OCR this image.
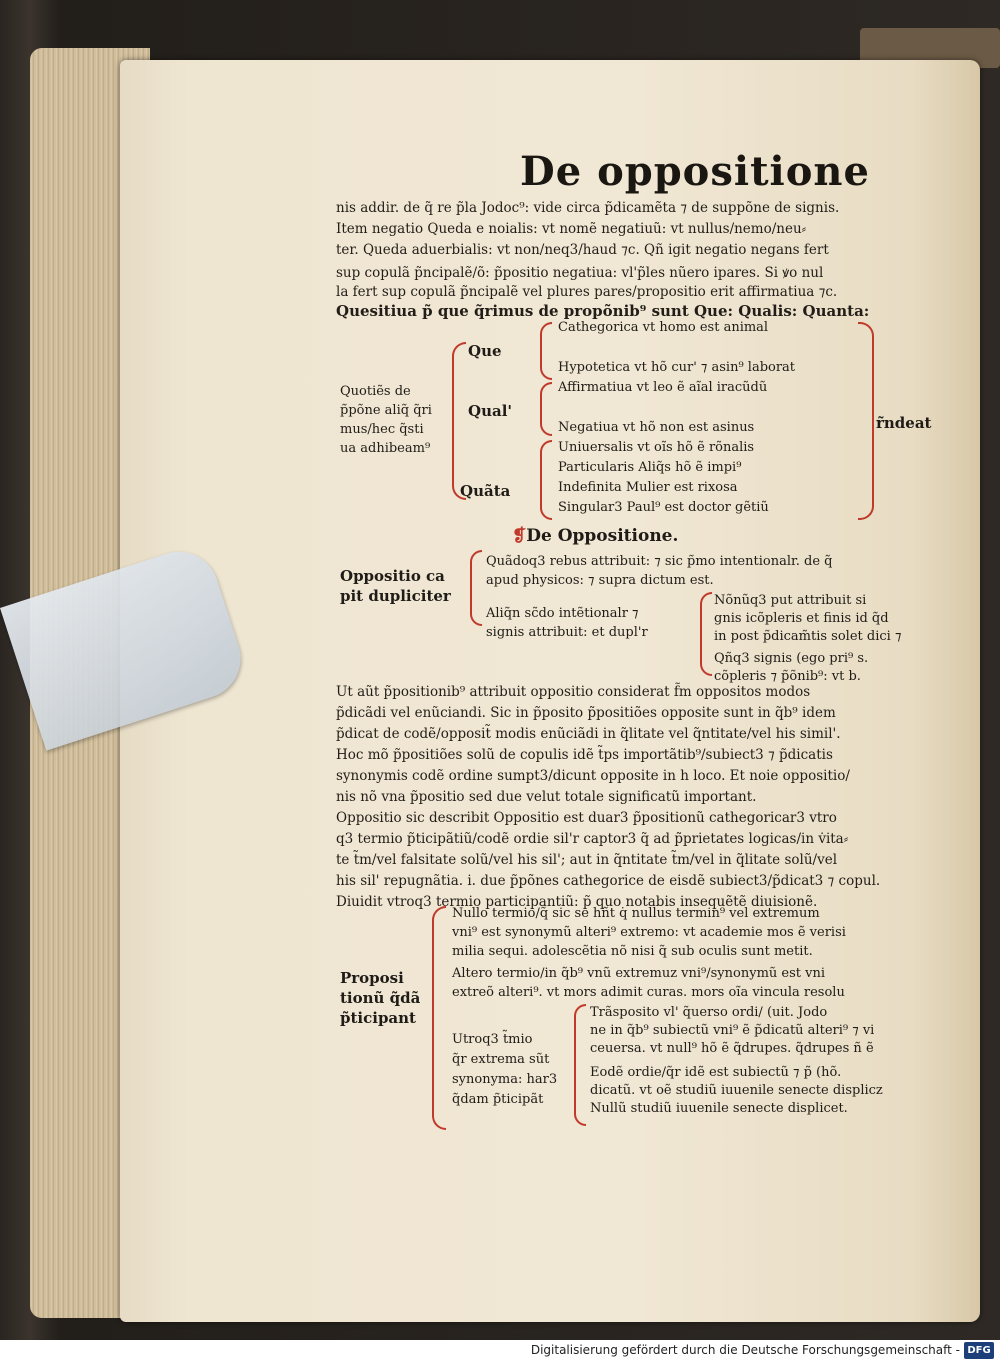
De oppositione
nis addir. de q̃ re p̃la Jodoc⁹: vide circa p̃dicamẽta ⁊ de suppõne de signis.
Item negatio Queda e noialis: vt nomẽ negatiuũ: vt nullus/nemo/neu⸗
ter. Queda aduerbialis: vt non/neq3/haud ⁊c. Qñ igit negatio negans fert
sup copulã p̃ncipalẽ/õ: p̃positio negatiua: vl'p̃les nũero ipares. Si ꝟo nul
la fert sup copulã p̃ncipalẽ vel plures pares/propositio erit affirmatiua ⁊c.
Quesitiua p̃ que q̃rimus de propõnib⁹ sunt Que: Qualis: Quanta:
Quotiẽs de
p̃põne aliq̃ q̃ri
mus/hec q̃sti
ua adhibeam⁹
Que
Qual'
Quãta
Cathegorica vt homo est animal
Hypotetica vt hõ cur' ⁊ asin⁹ laborat
Affirmatiua vt leo ẽ aĩal iracũdũ
Negatiua vt hõ non est asinus
Uniuersalis vt oĩs hõ ẽ rõnalis
Particularis Aliq̃s hõ ẽ impi⁹
Indefinita Mulier est rixosa
Singular3 Paul⁹ est doctor gẽtiũ
r̃ndeat
❡De Oppositione.
Oppositio ca
pit dupliciter
Quãdoq3 rebus attribuit: ⁊ sic p̃mo intentionalr. de q̃
apud physicos: ⁊ supra dictum est.
Aliq̃n sc̃do intẽtionalr ⁊
signis attribuit: et dupl'r
Nõnũq3 put attribuit si
gnis icõpleris et finis id q̃d
in post p̃dicam̃tis solet dici ⁊
Qñq3 signis (ego pri⁹ s.
cõpleris ⁊ p̃õnib⁹: vt b.
Ut aũt p̃positionib⁹ attribuit oppositio considerat f̃m oppositos modos
p̃dicãdi vel enũciandi. Sic in p̃posito p̃positiões opposite sunt in q̃b⁹ idem
p̃dicat de codẽ/opposit̃ modis enũciãdi in q̃litate vel q̃ntitate/vel his simil'.
Hoc mõ p̃positiões solũ de copulis idẽ t̃ps importãtib⁹/subiect3 ⁊ p̃dicatis
synonymis codẽ ordine sumpt3/dicunt opposite in h loco. Et noie oppositio/
nis nõ vna p̃positio sed due velut totale significatũ important.
Oppositio sic describit Oppositio est duar3 p̃positionũ cathegoricar3 vtro
q3 termio p̃ticipãtiũ/codẽ ordie sil'r captor3 q̃ ad p̃prietates logicas/in v̇ita⸗
te t̃m/vel falsitate solũ/vel his sil'; aut in q̃ntitate t̃m/vel in q̃litate solũ/vel
his sil' repugnãtia. i. due p̃põnes cathegorice de eisdẽ subiect3/p̃dicat3 ⁊ copul.
Diuidit vtroq3 termio participantiũ: p̃ quo notabis insequẽtẽ diuisionẽ.
Proposi
tionũ q̃dã
p̃ticipant
Nullo termio/q̃ sic se hñt q̇ nullus termin⁹ vel extremum
vni⁹ est synonymũ alteri⁹ extremo: vt academie mos ẽ verisi
milia sequi. adolescẽtia nõ nisi q̃ sub oculis sunt metit.
Altero termio/in q̃b⁹ vnũ extremuz vni⁹/synonymũ est vni
extreõ alteri⁹. vt mors adimit curas. mors oĩa vincula resolu
Utroq3 t̃mio
q̃r extrema sũt
synonyma: har3
q̃dam p̃ticipãt
Trãsposito vl' q̃uerso ordi/ (uit. Jodo
ne in q̃b⁹ subiectũ vni⁹ ẽ p̃dicatũ alteri⁹ ⁊ vi
ceuersa. vt null⁹ hõ ẽ q̃drupes. q̃drupes ñ ẽ
Eodẽ ordie/q̃r idẽ est subiectũ ⁊ p̃ (hõ.
dicatũ. vt oẽ studiũ iuuenile senecte displicz
Nullũ studiũ iuuenile senecte displicet.
Digitalisierung gefördert durch die Deutsche Forschungsgemeinschaft - DFG
